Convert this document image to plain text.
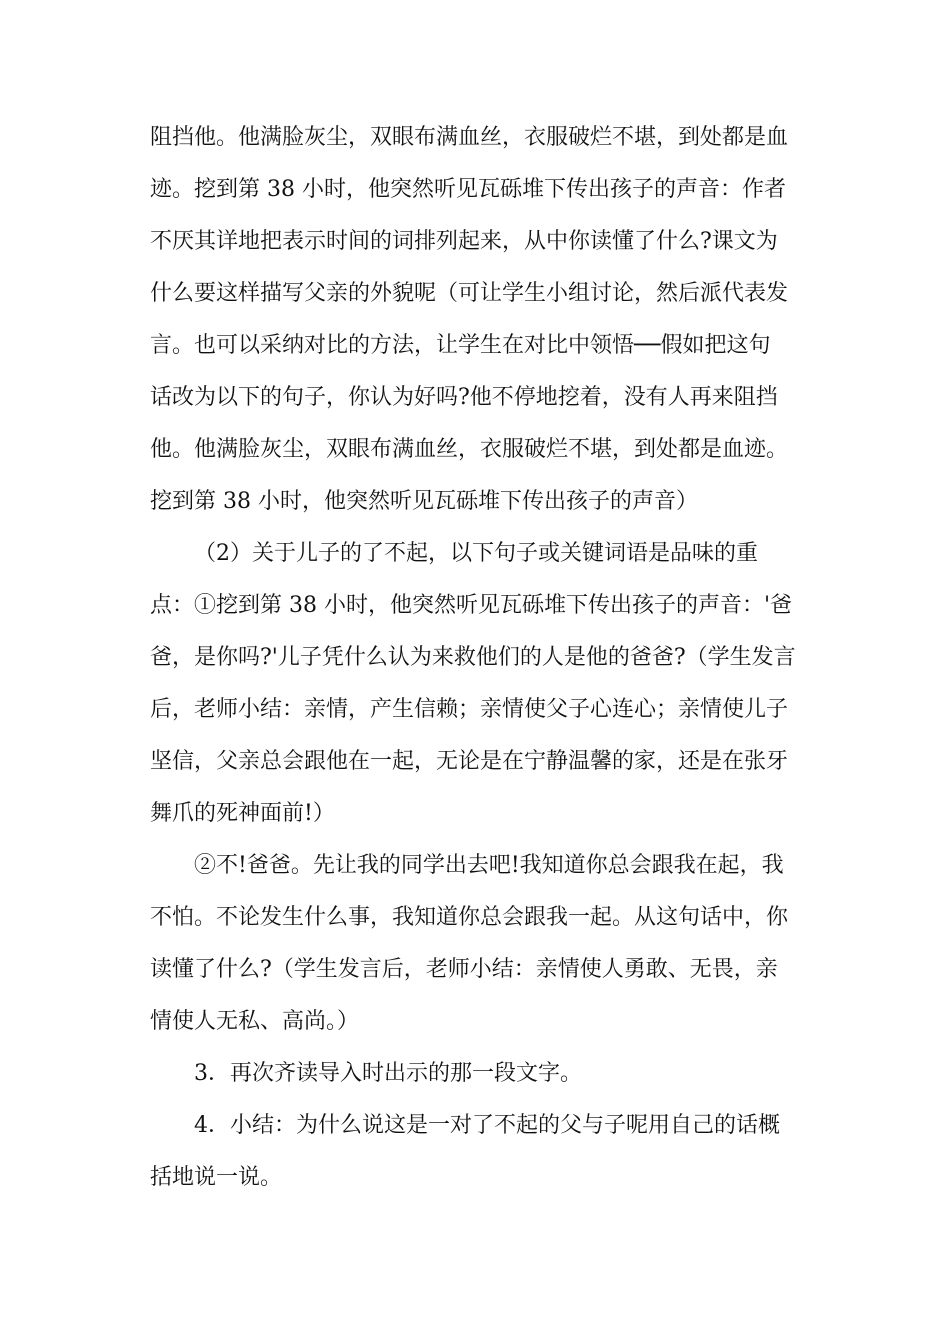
阻挡他。他满脸灰尘，双眼布满血丝，衣服破烂不堪，到处都是血
迹。挖到第 38 小时，他突然听见瓦砾堆下传出孩子的声音：作者
不厌其详地把表示时间的词排列起来，从中你读懂了什么?课文为
什么要这样描写父亲的外貌呢（可让学生小组讨论，然后派代表发
言。也可以采纳对比的方法，让学生在对比中领悟──假如把这句
话改为以下的句子，你认为好吗?他不停地挖着，没有人再来阻挡
他。他满脸灰尘，双眼布满血丝，衣服破烂不堪，到处都是血迹。
挖到第 38 小时，他突然听见瓦砾堆下传出孩子的声音）
（2）关于儿子的了不起，以下句子或关键词语是品味的重
点：①挖到第 38 小时，他突然听见瓦砾堆下传出孩子的声音：'爸
爸，是你吗?'儿子凭什么认为来救他们的人是他的爸爸?（学生发言
后，老师小结：亲情，产生信赖；亲情使父子心连心；亲情使儿子
坚信，父亲总会跟他在一起，无论是在宁静温馨的家，还是在张牙
舞爪的死神面前!）
②不!爸爸。先让我的同学出去吧!我知道你总会跟我在起，我
不怕。不论发生什么事，我知道你总会跟我一起。从这句话中，你
读懂了什么?（学生发言后，老师小结：亲情使人勇敢、无畏，亲
情使人无私、高尚。）
3．再次齐读导入时出示的那一段文字。
4．小结：为什么说这是一对了不起的父与子呢用自己的话概
括地说一说。
